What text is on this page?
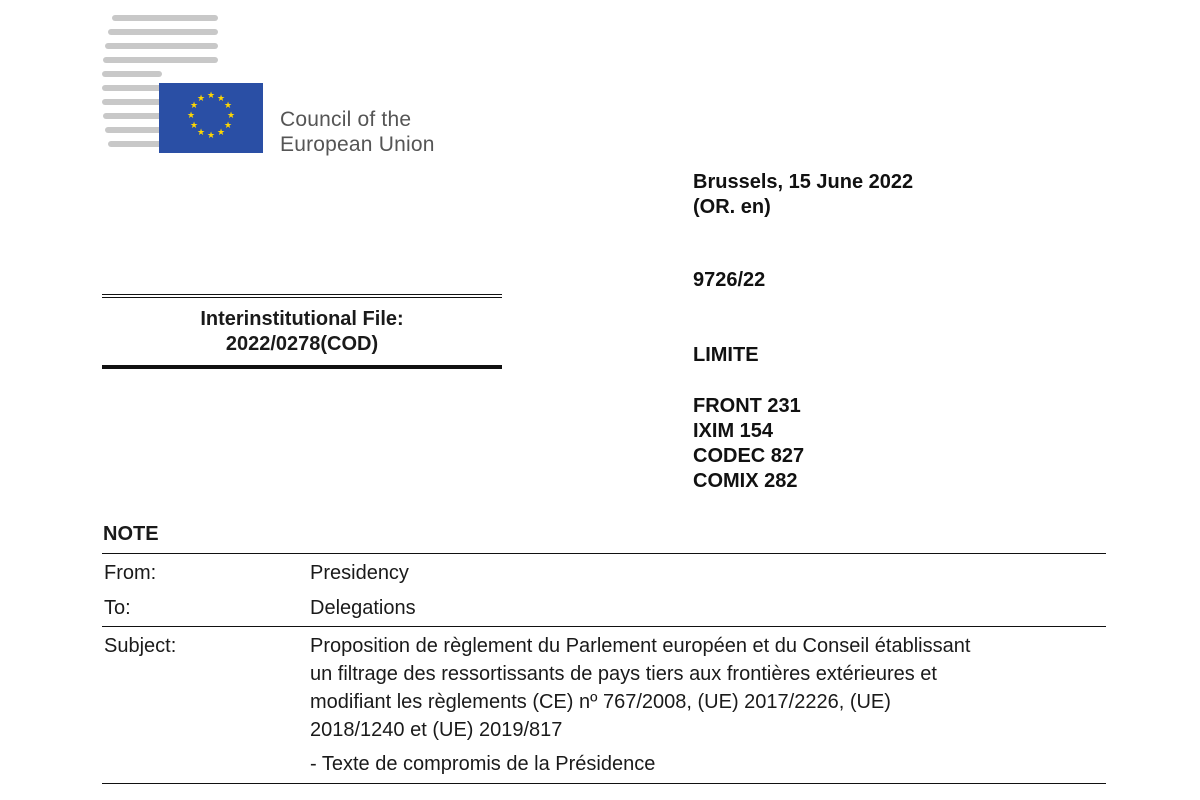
★ ★
★
★
★
★
★
★
★
★
★
★
Council of the
European Union
Brussels, 15 June 2022
(OR. en)
9726/22
LIMITE
FRONT 231
IXIM 154
CODEC 827
COMIX 282
Interinstitutional File:
2022/0278(COD)
NOTE
From:	Presidency
To:	Delegations
Subject:	Proposition de règlement du Parlement européen et du Conseil établissant
un filtrage des ressortissants de pays tiers aux frontières extérieures et
modifiant les règlements (CE) nº 767/2008, (UE) 2017/2226, (UE)
2018/1240 et (UE) 2019/817
- Texte de compromis de la Présidence
